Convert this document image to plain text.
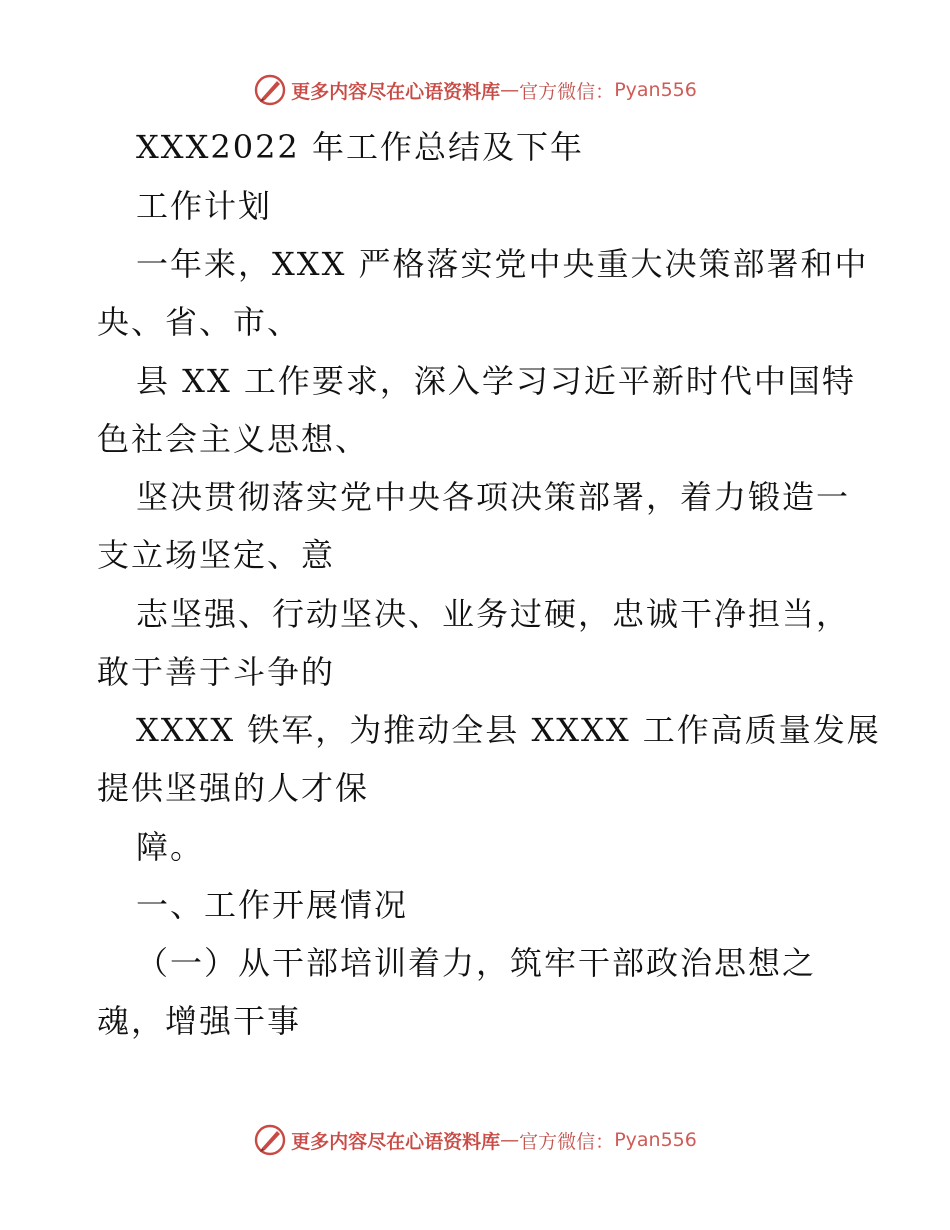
更多内容尽在心语资料库 — 官方微信： Pyan556
XXX2022 年工作总结及下年
工作计划
一年来，XXX 严格落实党中央重大决策部署和中
央、省、市、
县 XX 工作要求，深入学习习近平新时代中国特
色社会主义思想、
坚决贯彻落实党中央各项决策部署，着力锻造一
支立场坚定、意
志坚强、行动坚决、业务过硬，忠诚干净担当，
敢于善于斗争的
XXXX 铁军，为推动全县 XXXX 工作高质量发展
提供坚强的人才保
障。
一、工作开展情况
（一）从干部培训着力，筑牢干部政治思想之
魂，增强干事
更多内容尽在心语资料库 — 官方微信： Pyan556
